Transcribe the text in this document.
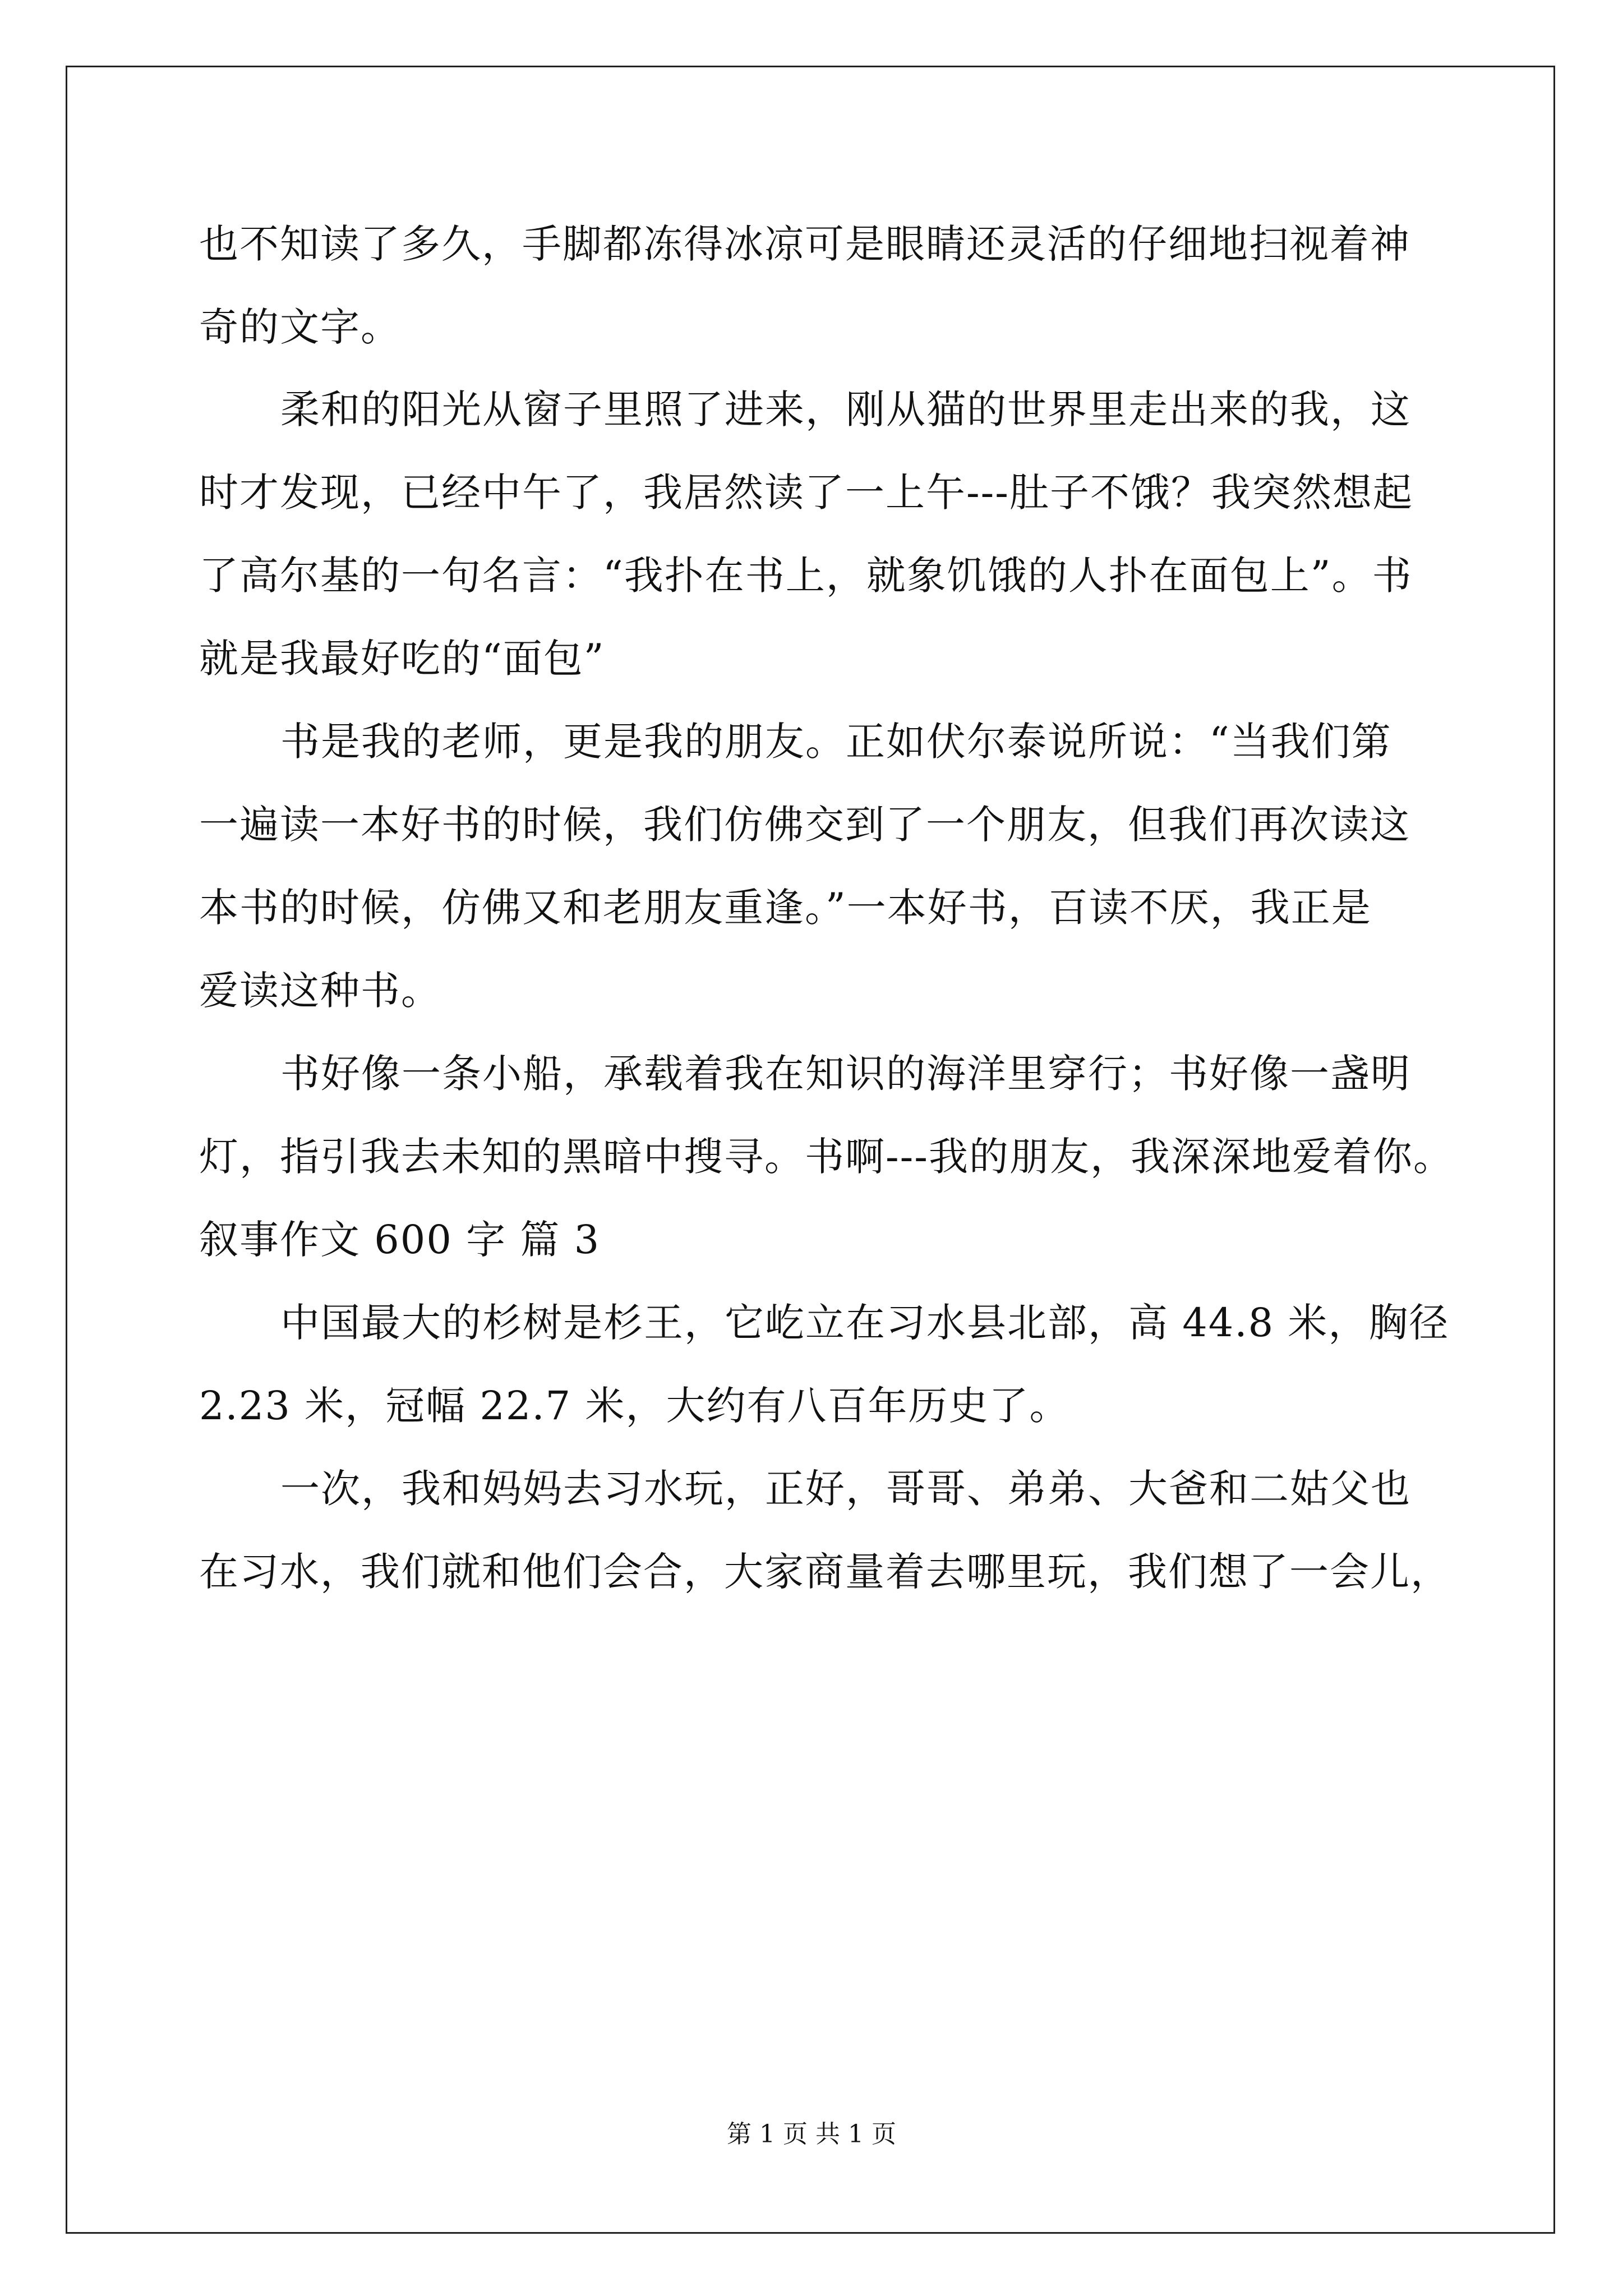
也不知读了多久，手脚都冻得冰凉可是眼睛还灵活的仔细地扫视着神
奇的文字。
柔和的阳光从窗子里照了进来，刚从猫的世界里走出来的我，这
时才发现，已经中午了，我居然读了一上午---肚子不饿？我突然想起
了高尔基的一句名言：“我扑在书上，就象饥饿的人扑在面包上”。书
就是我最好吃的“面包”
书是我的老师，更是我的朋友。正如伏尔泰说所说：“当我们第
一遍读一本好书的时候，我们仿佛交到了一个朋友，但我们再次读这
本书的时候，仿佛又和老朋友重逢。”一本好书，百读不厌，我正是
爱读这种书。
书好像一条小船，承载着我在知识的海洋里穿行；书好像一盏明
灯，指引我去未知的黑暗中搜寻。书啊---我的朋友，我深深地爱着你。
叙事作文 600 字 篇 3
中国最大的杉树是杉王，它屹立在习水县北部，高 44.8 米，胸径
2.23 米，冠幅 22.7 米，大约有八百年历史了。
一次，我和妈妈去习水玩，正好，哥哥、弟弟、大爸和二姑父也
在习水，我们就和他们会合，大家商量着去哪里玩，我们想了一会儿，
第 1 页 共 1 页
